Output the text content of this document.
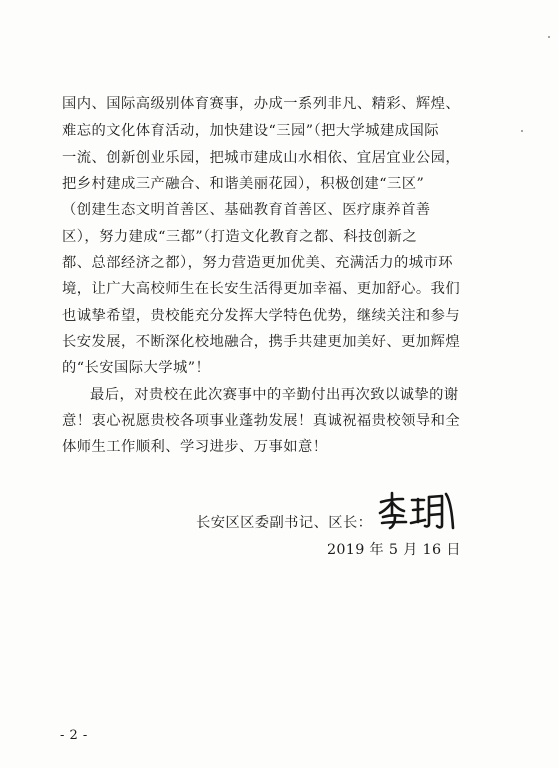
国内、国际高级别体育赛事，办成一系列非凡、精彩、辉煌、
难忘的文化体育活动，加快建设“三园”（把大学城建成国际
一流、创新创业乐园，把城市建成山水相依、宜居宜业公园，
把乡村建成三产融合、和谐美丽花园），积极创建“三区”
（创建生态文明首善区、基础教育首善区、医疗康养首善
区），努力建成“三都”（打造文化教育之都、科技创新之
都、总部经济之都），努力营造更加优美、充满活力的城市环
境，让广大高校师生在长安生活得更加幸福、更加舒心。我们
也诚挚希望，贵校能充分发挥大学特色优势，继续关注和参与
长安发展，不断深化校地融合，携手共建更加美好、更加辉煌
的“长安国际大学城”！
最后，对贵校在此次赛事中的辛勤付出再次致以诚挚的谢
意！衷心祝愿贵校各项事业蓬勃发展！真诚祝福贵校领导和全
体师生工作顺利、学习进步、万事如意！
长安区区委副书记、区长：
2019 年 5 月 16 日
- 2 -
